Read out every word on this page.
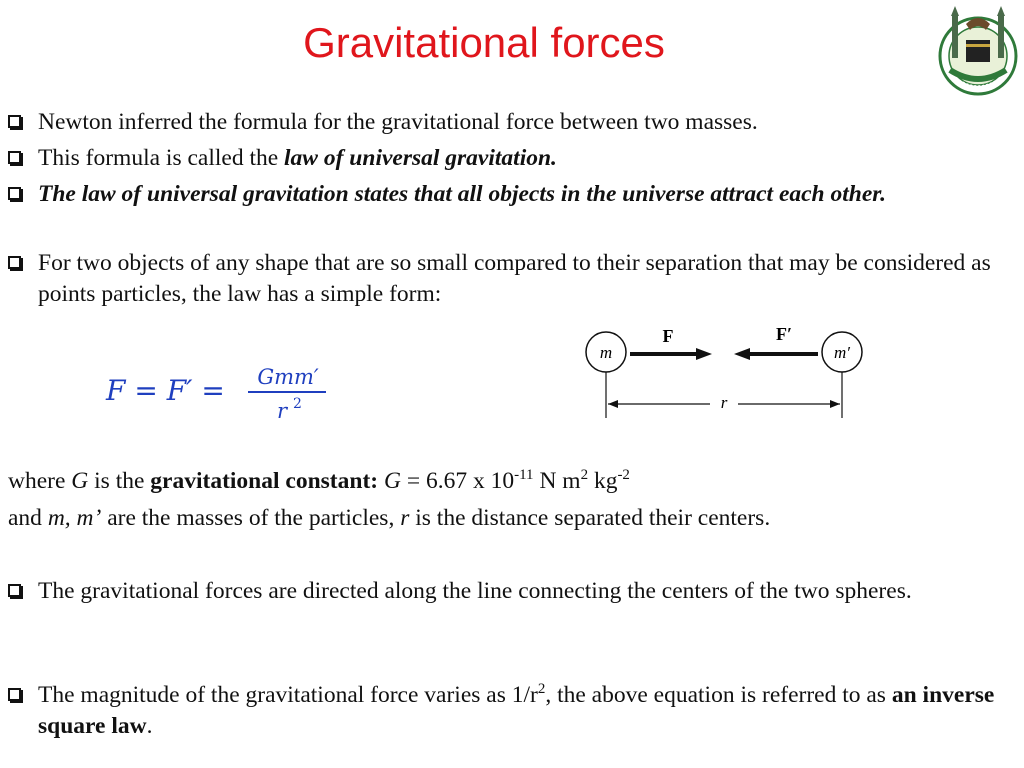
Gravitational forces
Newton inferred the formula for the gravitational force between two masses.
This formula is called the law of universal gravitation.
The law of universal gravitation states that all objects in the universe attract each other.
For two objects of any shape that are so small compared to their separation that may be considered as points particles, the law has a simple form:
F = F′ = Gmm′
r 2
m	m′
F	F′
r
where G is the gravitational constant: G = 6.67 x $10^{-11}$ N $m^2$ $kg^{-2}$
and m, m’ are the masses of the particles, r is the distance separated their centers.
The gravitational forces are directed along the line connecting the centers of the two spheres.
The magnitude of the gravitational force varies as $1/r^2$, the above equation is referred to as an inverse square law.
